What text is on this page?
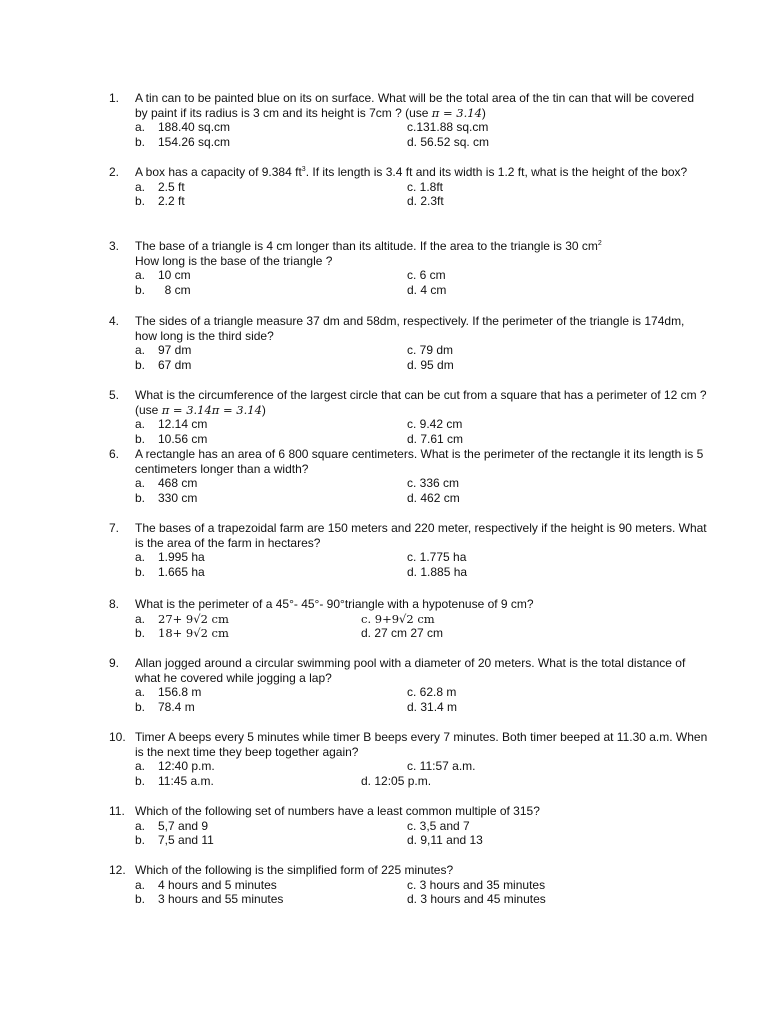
1.	A tin can to be painted blue on its on surface. What will be the total area of the tin can that will be covered by paint if its radius is 3 cm and its height is 7cm ? (use π = 3.14)
a. 188.40 sq.cm	c.131.88 sq.cm
b. 154.26 sq.cm	d. 56.52 sq. cm
2.	A box has a capacity of 9.384 $ft^3$. If its length is 3.4 ft and its width is 1.2 ft, what is the height of the box?
a. 2.5 ft	c. 1.8ft
b. 2.2 ft	d. 2.3ft
3.	The base of a triangle is 4 cm longer than its altitude. If the area to the triangle is 30 $cm^2$
How long is the base of the triangle ?
a. 10 cm	c. 6 cm
b. 8 cm	d. 4 cm
4.	The sides of a triangle measure 37 dm and 58dm, respectively. If the perimeter of the triangle is 174dm, how long is the third side?
a. 97 dm	c. 79 dm
b. 67 dm	d. 95 dm
5.	What is the circumference of the largest circle that can be cut from a square that has a perimeter of 12 cm ? (use π = 3.14π = 3.14)
a. 12.14 cm	c. 9.42 cm
b. 10.56 cm	d. 7.61 cm
6.	A rectangle has an area of 6 800 square centimeters. What is the perimeter of the rectangle it its length is 5 centimeters longer than a width?
a. 468 cm	c. 336 cm
b. 330 cm	d. 462 cm
7.	The bases of a trapezoidal farm are 150 meters and 220 meter, respectively if the height is 90 meters. What is the area of the farm in hectares?
a. 1.995 ha	c. 1.775 ha
b. 1.665 ha	d. 1.885 ha
8.	What is the perimeter of a 45°- 45°- 90°triangle with a hypotenuse of 9 cm?
a. 27+ 9√2 cm	c. 9+9√2 cm
b. 18+ 9√2 cm	d. 27 cm 27 cm
9.	Allan jogged around a circular swimming pool with a diameter of 20 meters. What is the total distance of what he covered while jogging a lap?
a. 156.8 m	c. 62.8 m
b. 78.4 m	d. 31.4 m
10. Timer A beeps every 5 minutes while timer B beeps every 7 minutes. Both timer beeped at 11.30 a.m. When is the next time they beep together again?
a. 12:40 p.m.	c. 11:57 a.m.
b. 11:45 a.m.	d. 12:05 p.m.
11. Which of the following set of numbers have a least common multiple of 315?
a. 5,7 and 9	c. 3,5 and 7
b. 7,5 and 11	d. 9,11 and 13
12. Which of the following is the simplified form of 225 minutes?
a. 4 hours and 5 minutes	c. 3 hours and 35 minutes
b. 3 hours and 55 minutes	d. 3 hours and 45 minutes
